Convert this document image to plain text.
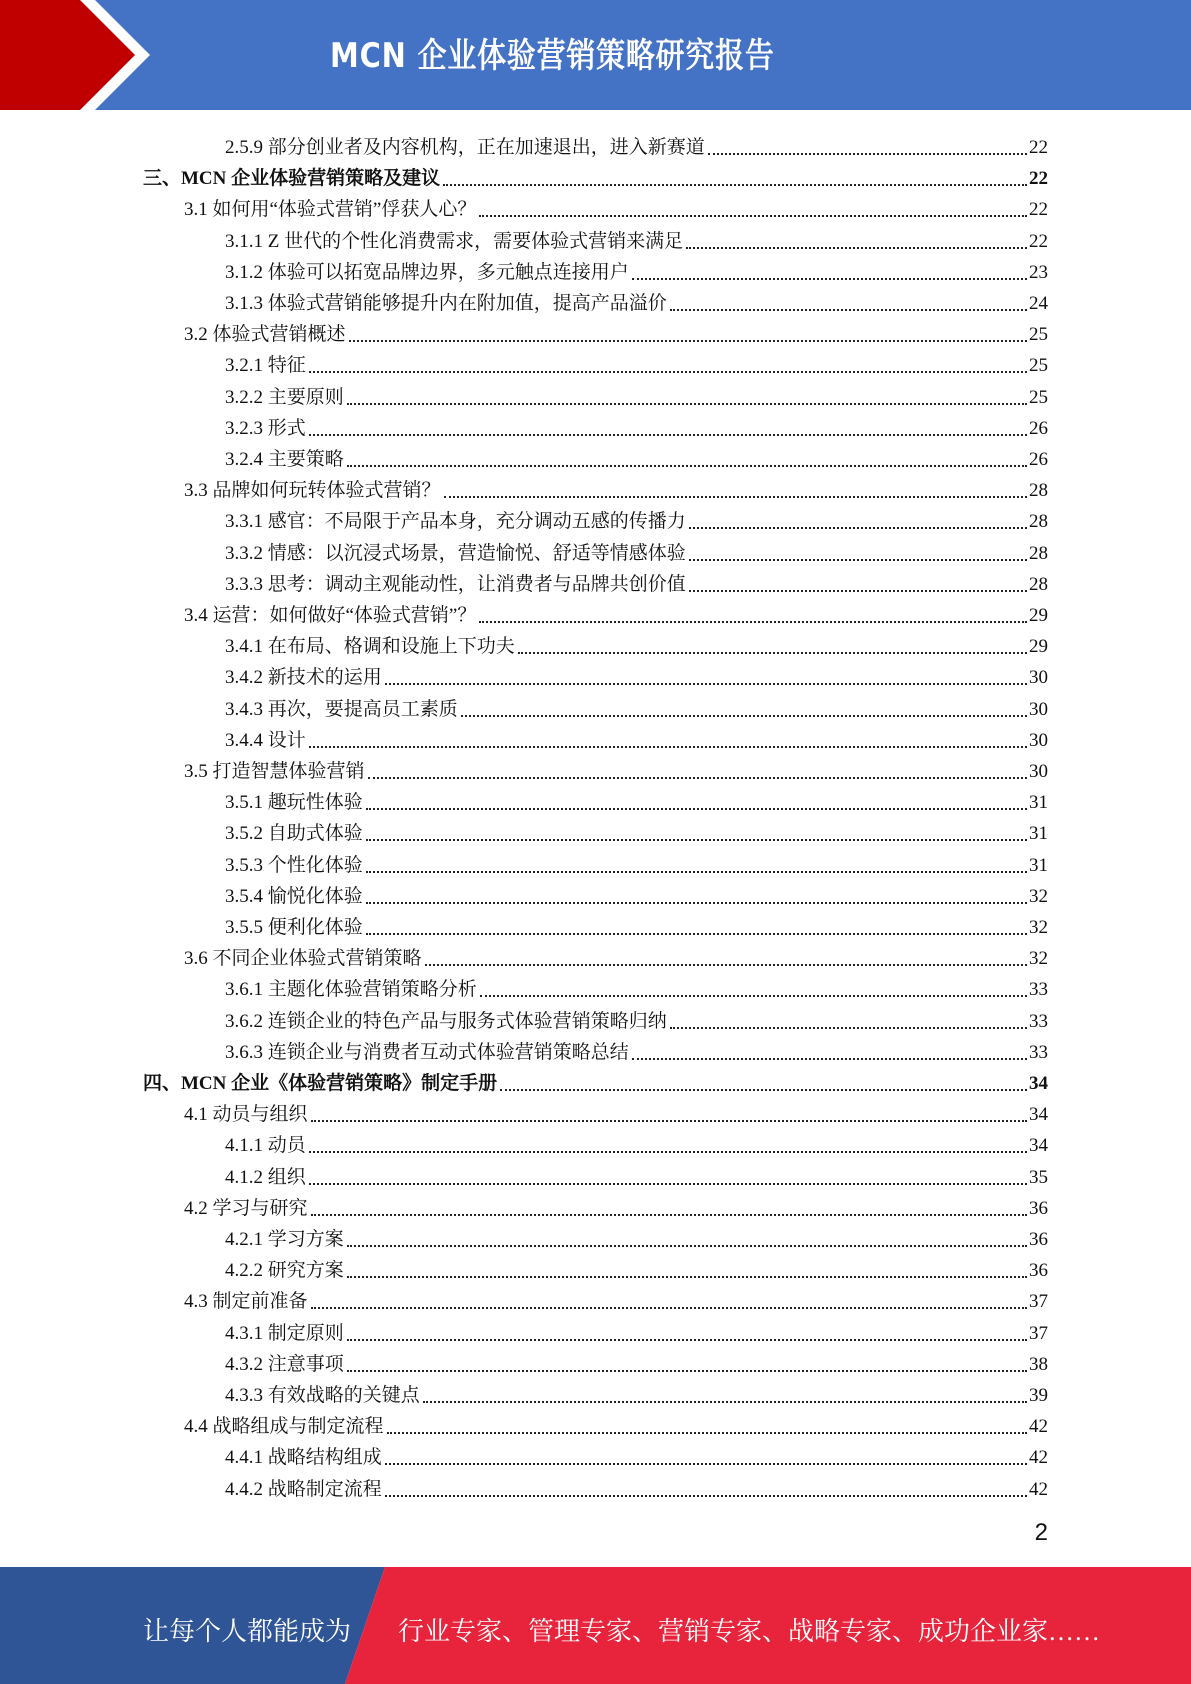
MCN 企业体验营销策略研究报告
2.5.9 部分创业者及内容机构，正在加速退出，进入新赛道	22
三、MCN 企业体验营销策略及建议	22
3.1 如何用“体验式营销”俘获人心？	22
3.1.1 Z 世代的个性化消费需求，需要体验式营销来满足	22
3.1.2 体验可以拓宽品牌边界，多元触点连接用户	23
3.1.3 体验式营销能够提升内在附加值，提高产品溢价	24
3.2 体验式营销概述	25
3.2.1 特征	25
3.2.2 主要原则	25
3.2.3 形式	26
3.2.4 主要策略	26
3.3 品牌如何玩转体验式营销？	28
3.3.1 感官：不局限于产品本身，充分调动五感的传播力	28
3.3.2 情感：以沉浸式场景，营造愉悦、舒适等情感体验	28
3.3.3 思考：调动主观能动性，让消费者与品牌共创价值	28
3.4 运营：如何做好“体验式营销”？	29
3.4.1 在布局、格调和设施上下功夫	29
3.4.2 新技术的运用	30
3.4.3 再次，要提高员工素质	30
3.4.4 设计	30
3.5 打造智慧体验营销	30
3.5.1 趣玩性体验	31
3.5.2 自助式体验	31
3.5.3 个性化体验	31
3.5.4 愉悦化体验	32
3.5.5 便利化体验	32
3.6 不同企业体验式营销策略	32
3.6.1 主题化体验营销策略分析	33
3.6.2 连锁企业的特色产品与服务式体验营销策略归纳	33
3.6.3 连锁企业与消费者互动式体验营销策略总结	33
四、MCN 企业《体验营销策略》制定手册	34
4.1 动员与组织	34
4.1.1 动员	34
4.1.2 组织	35
4.2 学习与研究	36
4.2.1 学习方案	36
4.2.2 研究方案	36
4.3 制定前准备	37
4.3.1 制定原则	37
4.3.2 注意事项	38
4.3.3 有效战略的关键点	39
4.4 战略组成与制定流程	42
4.4.1 战略结构组成	42
4.4.2 战略制定流程	42
2
让每个人都能成为 行业专家、管理专家、营销专家、战略专家、成功企业家……
